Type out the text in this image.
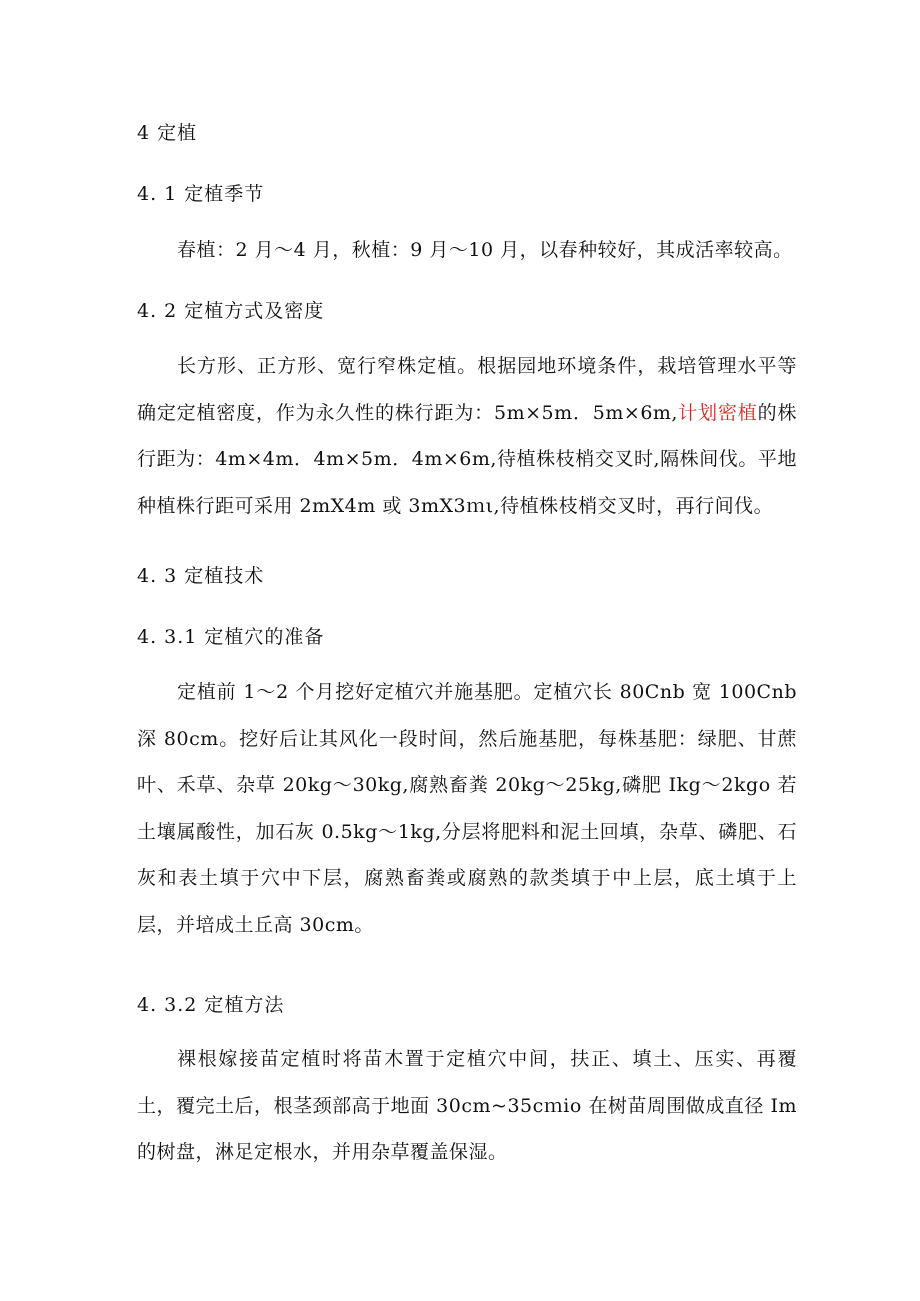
4 定植
4. 1 定植季节

春植：2 月～4 月，秋植：9 月～10 月，以春种较好，其成活率较高。

4. 2 定植方式及密度

长方形、正方形、宽行窄株定植。根据园地环境条件，栽培管理水平等确定定植密度，作为永久性的株行距为：5m×5m．5m×6m,计划密植的株行距为：4m×4m．4m×5m．4m×6m,待植株枝梢交叉时,隔株间伐。平地种植株行距可采用 2mX4m 或 3mX3ｍι,待植株枝梢交叉时，再行间伐。

4. 3 定植技术
4. 3.1 定植穴的准备

定植前 1～2 个月挖好定植穴并施基肥。定植穴长 80Cnb 宽 100Cnb 深 80cm。挖好后让其风化一段时间，然后施基肥，每株基肥：绿肥、甘蔗叶、禾草、杂草 20kg～30kg,腐熟畜粪 20kg～25kg,磷肥 Ikg～2kgo 若土壤属酸性，加石灰 0.5kg～1kg,分层将肥料和泥土回填，杂草、磷肥、石灰和表土填于穴中下层，腐熟畜粪或腐熟的款类填于中上层，底土填于上层，并培成土丘高 30cm。

4. 3.2 定植方法

裸根嫁接苗定植时将苗木置于定植穴中间，扶正、填土、压实、再覆土，覆完土后，根茎颈部高于地面 30cm~35cｍio 在树苗周围做成直径 Im 的树盘，淋足定根水，并用杂草覆盖保湿。
